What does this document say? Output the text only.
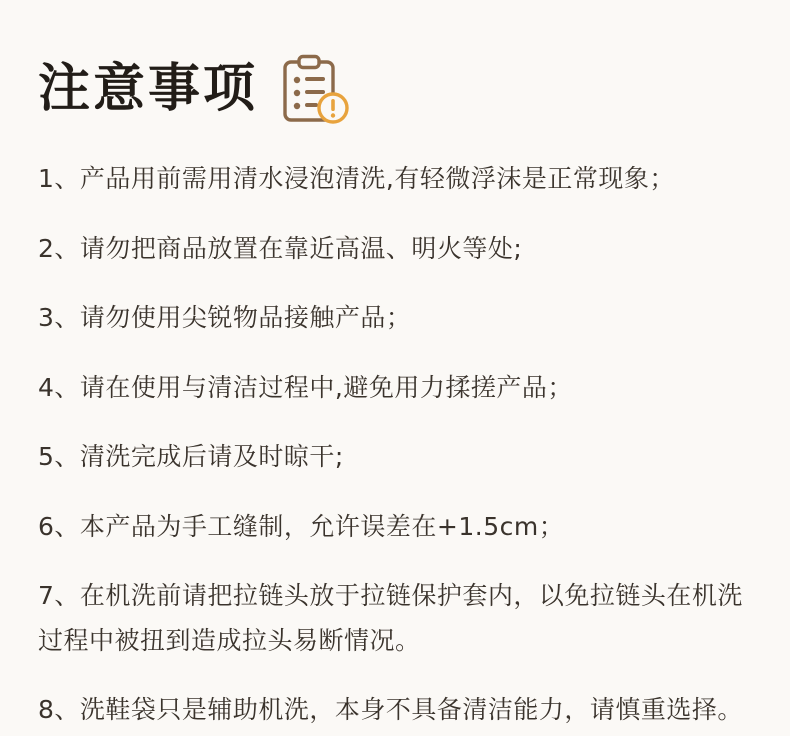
注意事项

1、产品用前需用清水浸泡清洗,有轻微浮沫是正常现象；

2、请勿把商品放置在靠近高温、明火等处;

3、请勿使用尖锐物品接触产品；

4、请在使用与清洁过程中,避免用力揉搓产品；

5、清洗完成后请及时晾干;

6、本产品为手工缝制，允许误差在+1.5cm；

7、在机洗前请把拉链头放于拉链保护套内，以免拉链头在机洗过程中被扭到造成拉头易断情况。

8、洗鞋袋只是辅助机洗，本身不具备清洁能力，请慎重选择。
